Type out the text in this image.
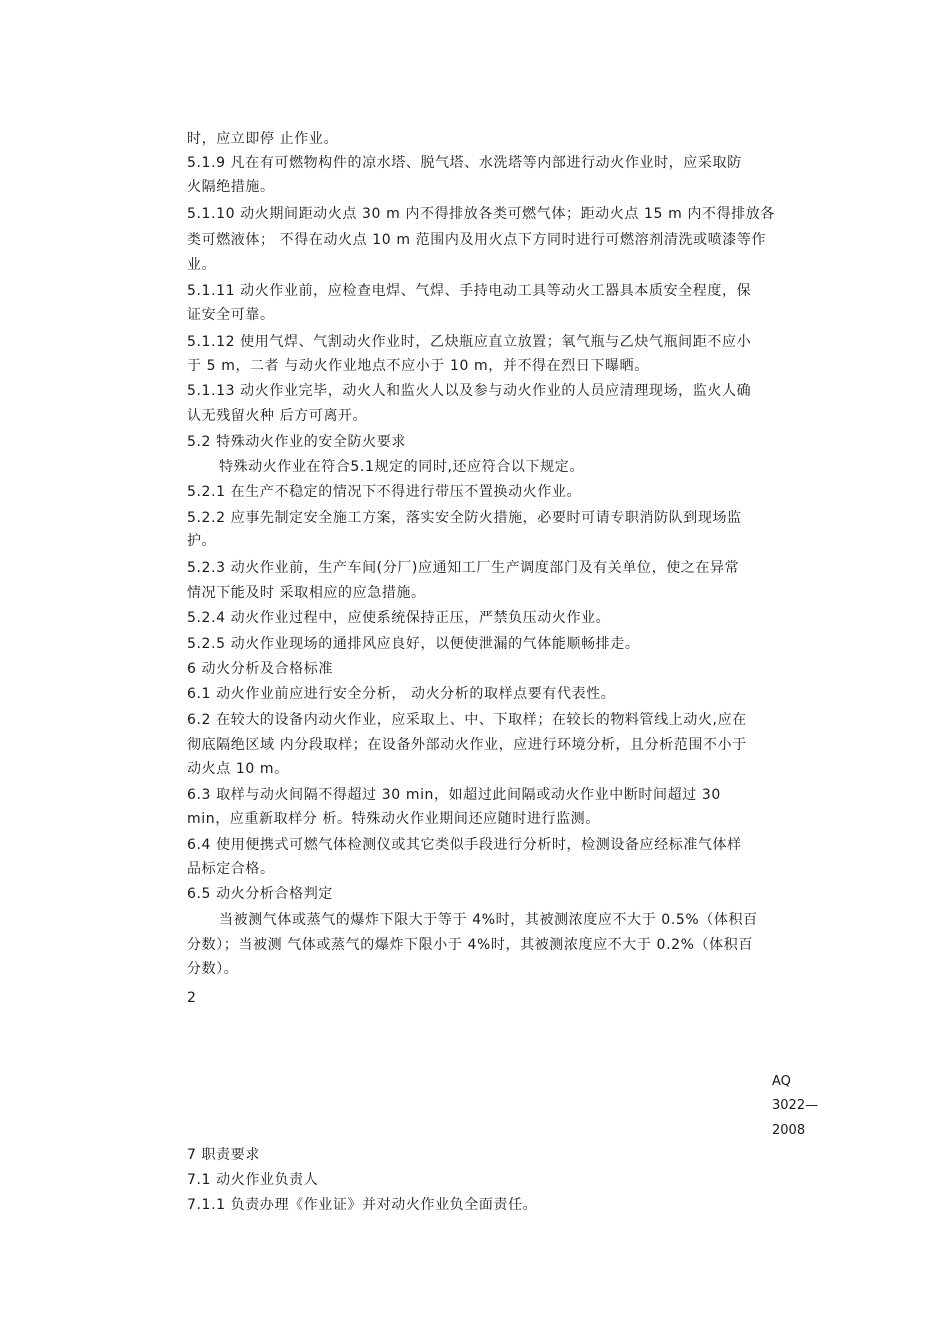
时，应立即停 止作业。
5.1.9 凡在有可燃物构件的凉水塔、脱气塔、水洗塔等内部进行动火作业时，应采取防
火隔绝措施。
5.1.10 动火期间距动火点 30 m 内不得排放各类可燃气体；距动火点 15 m 内不得排放各
类可燃液体； 不得在动火点 10 m 范围内及用火点下方同时进行可燃溶剂清洗或喷漆等作
业。
5.1.11 动火作业前，应检查电焊、气焊、手持电动工具等动火工器具本质安全程度，保
证安全可靠。
5.1.12 使用气焊、气割动火作业时，乙炔瓶应直立放置；氧气瓶与乙炔气瓶间距不应小
于 5 m，二者 与动火作业地点不应小于 10 m，并不得在烈日下曝晒。
5.1.13 动火作业完毕，动火人和监火人以及参与动火作业的人员应清理现场，监火人确
认无残留火种 后方可离开。
5.2 特殊动火作业的安全防火要求
特殊动火作业在符合5.1规定的同时,还应符合以下规定。
5.2.1 在生产不稳定的情况下不得进行带压不置换动火作业。
5.2.2 应事先制定安全施工方案，落实安全防火措施，必要时可请专职消防队到现场监
护。
5.2.3 动火作业前，生产车间(分厂)应通知工厂生产调度部门及有关单位，使之在异常
情况下能及时 采取相应的应急措施。
5.2.4 动火作业过程中，应使系统保持正压，严禁负压动火作业。
5.2.5 动火作业现场的通排风应良好，以便使泄漏的气体能顺畅排走。
6 动火分析及合格标准
6.1 动火作业前应进行安全分析， 动火分析的取样点要有代表性。
6.2 在较大的设备内动火作业，应采取上、中、下取样；在较长的物料管线上动火,应在
彻底隔绝区域 内分段取样；在设备外部动火作业，应进行环境分析，且分析范围不小于
动火点 10 m。
6.3 取样与动火间隔不得超过 30 min，如超过此间隔或动火作业中断时间超过 30
min，应重新取样分 析。特殊动火作业期间还应随时进行监测。
6.4 使用便携式可燃气体检测仪或其它类似手段进行分析时，检测设备应经标准气体样
品标定合格。
6.5 动火分析合格判定
当被测气体或蒸气的爆炸下限大于等于 4%时，其被测浓度应不大于 0.5%（体积百
分数）；当被测 气体或蒸气的爆炸下限小于 4%时，其被测浓度应不大于 0.2%（体积百
分数）。
2
AQ
3022—
2008
7 职责要求
7.1 动火作业负责人
7.1.1 负责办理《作业证》并对动火作业负全面责任。
